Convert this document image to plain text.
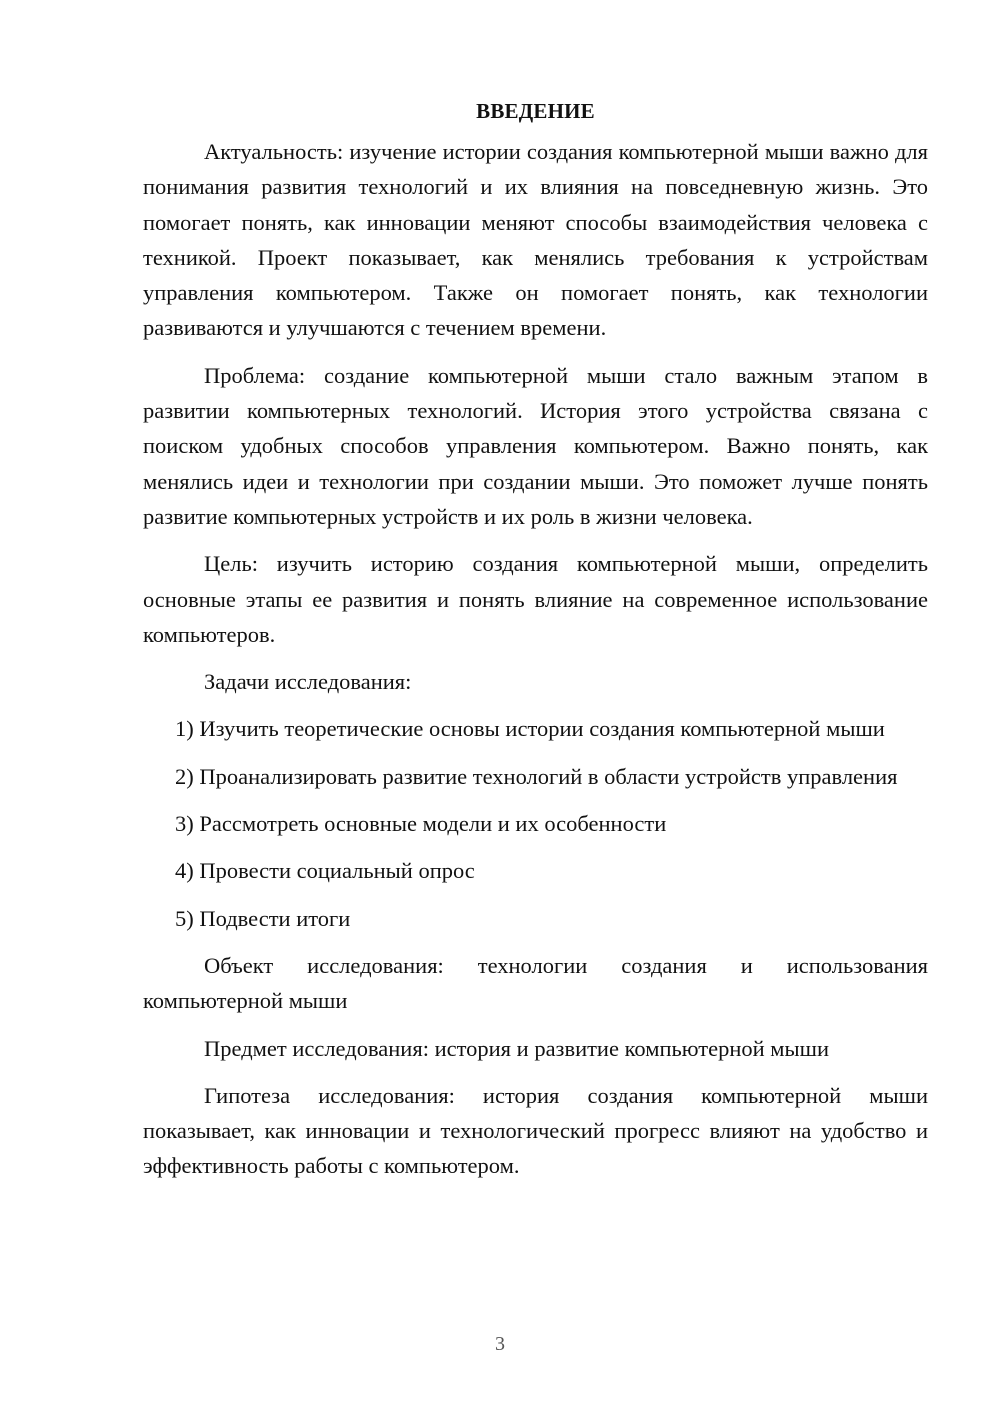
ВВЕДЕНИЕ

Актуальность: изучение истории создания компьютерной мыши важно для понимания развития технологий и их влияния на повседневную жизнь. Это помогает понять, как инновации меняют способы взаимодействия человека с техникой. Проект показывает, как менялись требования к устройствам управления компьютером. Также он помогает понять, как технологии развиваются и улучшаются с течением времени.

Проблема: создание компьютерной мыши стало важным этапом в развитии компьютерных технологий. История этого устройства связана с поиском удобных способов управления компьютером. Важно понять, как менялись идеи и технологии при создании мыши. Это поможет лучше понять развитие компьютерных устройств и их роль в жизни человека.

Цель: изучить историю создания компьютерной мыши, определить основные этапы ее развития и понять влияние на современное использование компьютеров.

Задачи исследования:

1) Изучить теоретические основы истории создания компьютерной мыши

2) Проанализировать развитие технологий в области устройств управления

3) Рассмотреть основные модели и их особенности

4) Провести социальный опрос

5) Подвести итоги

Объект исследования: технологии создания и использования компьютерной мыши

Предмет исследования: история и развитие компьютерной мыши

Гипотеза исследования: история создания компьютерной мыши показывает, как инновации и технологический прогресс влияют на удобство и эффективность работы с компьютером.

3
